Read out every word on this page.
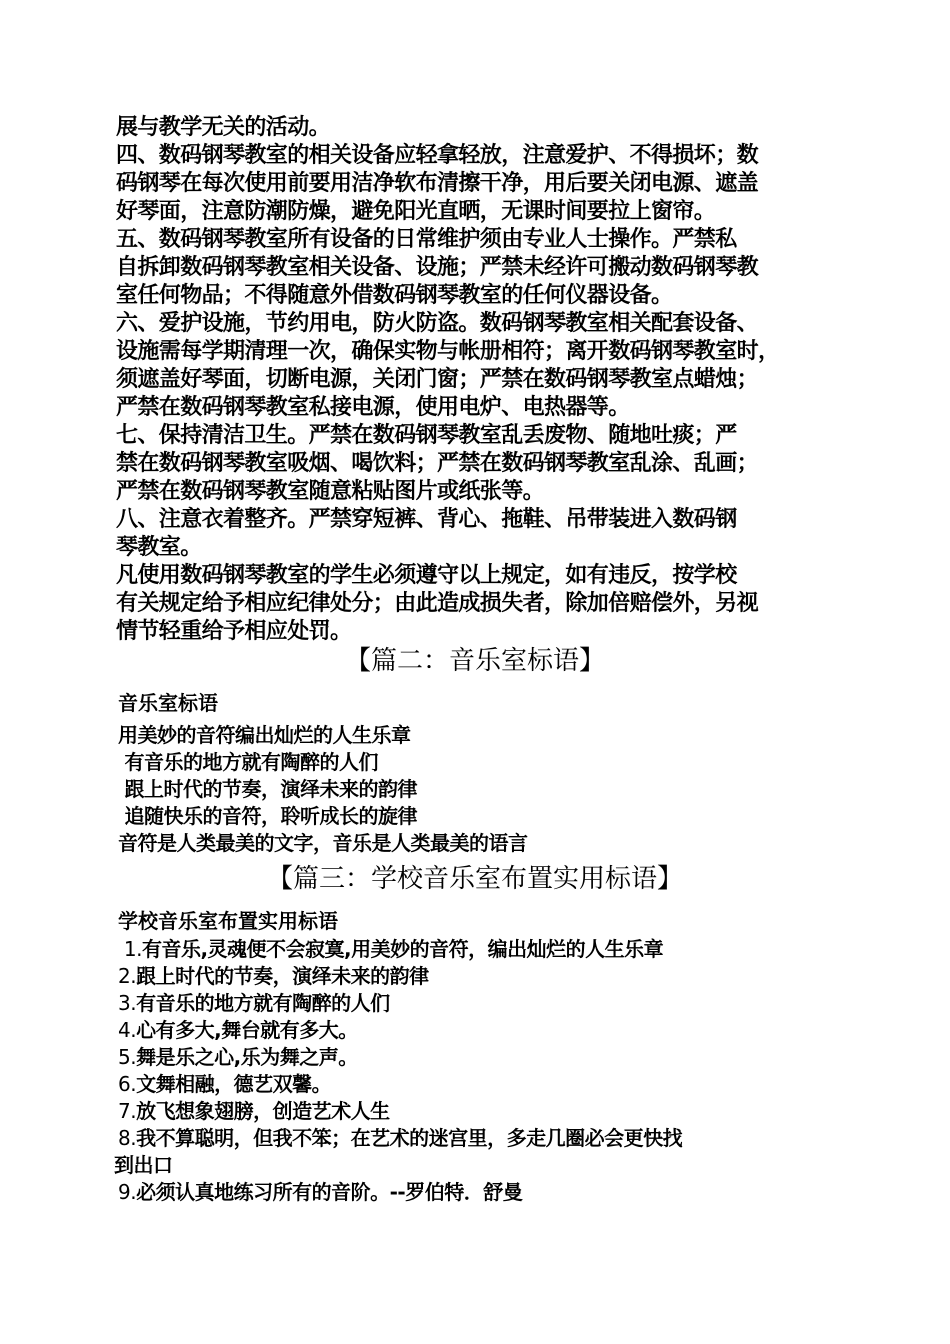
展与教学无关的活动。
四、数码钢琴教室的相关设备应轻拿轻放，注意爱护、不得损坏；数
码钢琴在每次使用前要用洁净软布清擦干净，用后要关闭电源、遮盖
好琴面，注意防潮防燥，避免阳光直晒，无课时间要拉上窗帘。
五、数码钢琴教室所有设备的日常维护须由专业人士操作。严禁私
自拆卸数码钢琴教室相关设备、设施；严禁未经许可搬动数码钢琴教
室任何物品；不得随意外借数码钢琴教室的任何仪器设备。
六、爱护设施，节约用电，防火防盗。数码钢琴教室相关配套设备、
设施需每学期清理一次，确保实物与帐册相符；离开数码钢琴教室时，
须遮盖好琴面，切断电源，关闭门窗；严禁在数码钢琴教室点蜡烛；
严禁在数码钢琴教室私接电源，使用电炉、电热器等。
七、保持清洁卫生。严禁在数码钢琴教室乱丢废物、随地吐痰；严
禁在数码钢琴教室吸烟、喝饮料；严禁在数码钢琴教室乱涂、乱画；
严禁在数码钢琴教室随意粘贴图片或纸张等。
八、注意衣着整齐。严禁穿短裤、背心、拖鞋、吊带装进入数码钢
琴教室。
凡使用数码钢琴教室的学生必须遵守以上规定，如有违反，按学校
有关规定给予相应纪律处分；由此造成损失者，除加倍赔偿外，另视
情节轻重给予相应处罚。
【篇二：音乐室标语】
音乐室标语
用美妙的音符编出灿烂的人生乐章
有音乐的地方就有陶醉的人们
跟上时代的节奏，演绎未来的韵律
追随快乐的音符，聆听成长的旋律
音符是人类最美的文字，音乐是人类最美的语言
【篇三：学校音乐室布置实用标语】
学校音乐室布置实用标语
1.有音乐,灵魂便不会寂寞,用美妙的音符，编出灿烂的人生乐章
2.跟上时代的节奏，演绎未来的韵律
3.有音乐的地方就有陶醉的人们
4.心有多大,舞台就有多大。
5.舞是乐之心,乐为舞之声。
6.文舞相融，德艺双馨。
7.放飞想象翅膀，创造艺术人生
8.我不算聪明，但我不笨；在艺术的迷宫里，多走几圈必会更快找
到出口
9.必须认真地练习所有的音阶。--罗伯特．舒曼
